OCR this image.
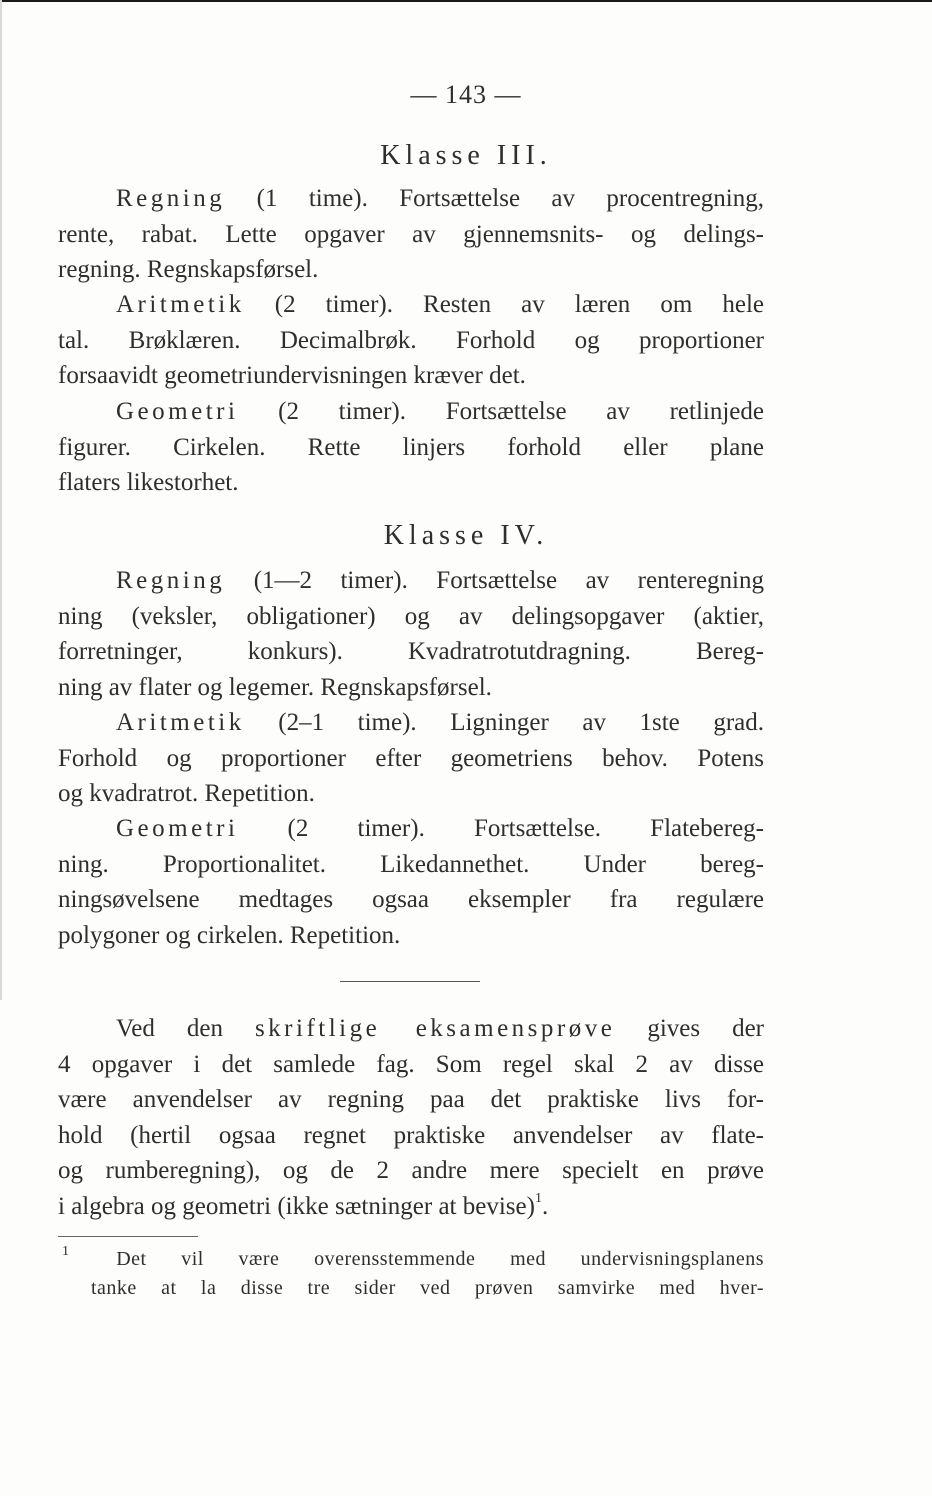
— 143 —
Klasse III.
Regning (1 time). Fortsættelse av procentregning,
rente, rabat. Lette opgaver av gjennemsnits- og delings-
regning. Regnskapsførsel.
Aritmetik (2 timer). Resten av læren om hele
tal. Brøklæren. Decimalbrøk. Forhold og proportioner
forsaavidt geometriundervisningen kræver det.
Geometri (2 timer). Fortsættelse av retlinjede
figurer. Cirkelen. Rette linjers forhold eller plane
flaters likestorhet.
Klasse IV.
Regning (1—2 timer). Fortsættelse av renteregning
ning (veksler, obligationer) og av delingsopgaver (aktier,
forretninger, konkurs). Kvadratrotutdragning. Bereg-
ning av flater og legemer. Regnskapsførsel.
Aritmetik (2–1 time). Ligninger av 1ste grad.
Forhold og proportioner efter geometriens behov. Potens
og kvadratrot. Repetition.
Geometri (2 timer). Fortsættelse. Flatebereg-
ning. Proportionalitet. Likedannethet. Under bereg-
ningsøvelsene medtages ogsaa eksempler fra regulære
polygoner og cirkelen. Repetition.
Ved den skriftlige eksamensprøve gives der
4 opgaver i det samlede fag. Som regel skal 2 av disse
være anvendelser av regning paa det praktiske livs for-
hold (hertil ogsaa regnet praktiske anvendelser av flate-
og rumberegning), og de 2 andre mere specielt en prøve
i algebra og geometri (ikke sætninger at bevise)$^1$.
$^1$ Det vil være overensstemmende med undervisningsplanens
tanke at la disse tre sider ved prøven samvirke med hver-
